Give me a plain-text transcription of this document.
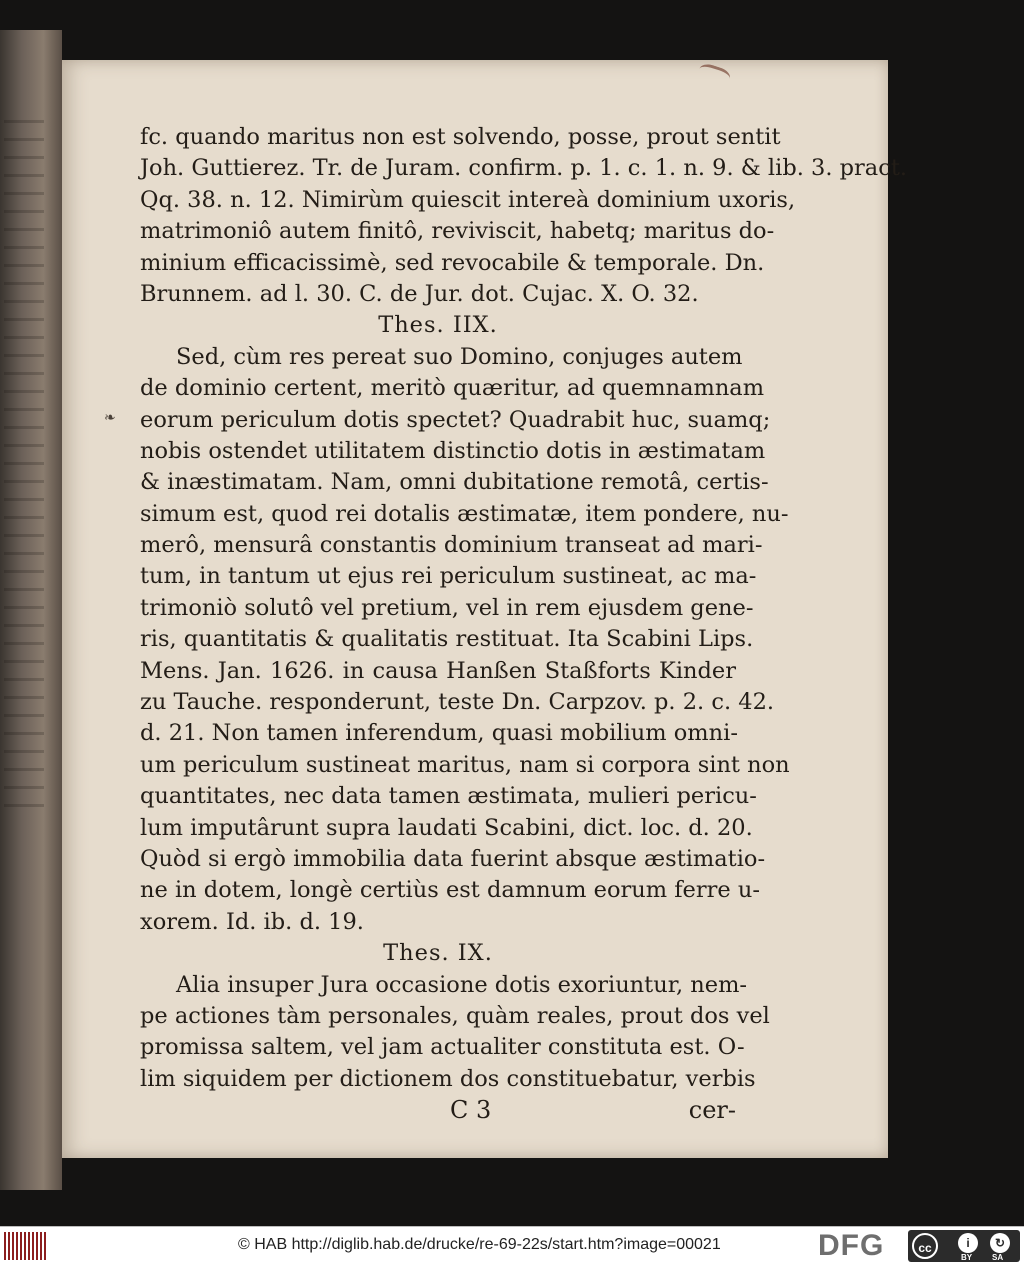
❧
fc. quando maritus non est solvendo, posse, prout sentit
Joh. Guttierez. Tr. de Juram. confirm. p. 1. c. 1. n. 9. & lib. 3. pract.
Qq. 38. n. 12. Nimirùm quiescit intereà dominium uxoris,
matrimoniô autem finitô, reviviscit, habetq; maritus do-
minium efficacissimè, sed revocabile & temporale. Dn.
Brunnem. ad l. 30. C. de Jur. dot. Cujac. X. O. 32.
Thes. IIX.
Sed, cùm res pereat suo Domino, conjuges autem
de dominio certent, meritò quæritur, ad quemnamnam
eorum periculum dotis spectet? Quadrabit huc, suamq;
nobis ostendet utilitatem distinctio dotis in æstimatam
& inæstimatam. Nam, omni dubitatione remotâ, certis-
simum est, quod rei dotalis æstimatæ, item pondere, nu-
merô, mensurâ constantis dominium transeat ad mari-
tum, in tantum ut ejus rei periculum sustineat, ac ma-
trimoniò solutô vel pretium, vel in rem ejusdem gene-
ris, quantitatis & qualitatis restituat. Ita Scabini Lips.
Mens. Jan. 1626. in causa Hanßen Staßforts Kinder
zu Tauche. responderunt, teste Dn. Carpzov. p. 2. c. 42.
d. 21. Non tamen inferendum, quasi mobilium omni-
um periculum sustineat maritus, nam si corpora sint non
quantitates, nec data tamen æstimata, mulieri pericu-
lum imputârunt supra laudati Scabini, dict. loc. d. 20.
Quòd si ergò immobilia data fuerint absque æstimatio-
ne in dotem, longè certiùs est damnum eorum ferre u-
xorem. Id. ib. d. 19.
Thes. IX.
Alia insuper Jura occasione dotis exoriuntur, nem-
pe actiones tàm personales, quàm reales, prout dos vel
promissa saltem, vel jam actualiter constituta est. O-
lim siquidem per dictionem dos constituebatur, verbis
C 3	cer-
© HAB http://diglib.hab.de/drucke/re-69-22s/start.htm?image=00021	DFG	cc	i	↻
BY SA
